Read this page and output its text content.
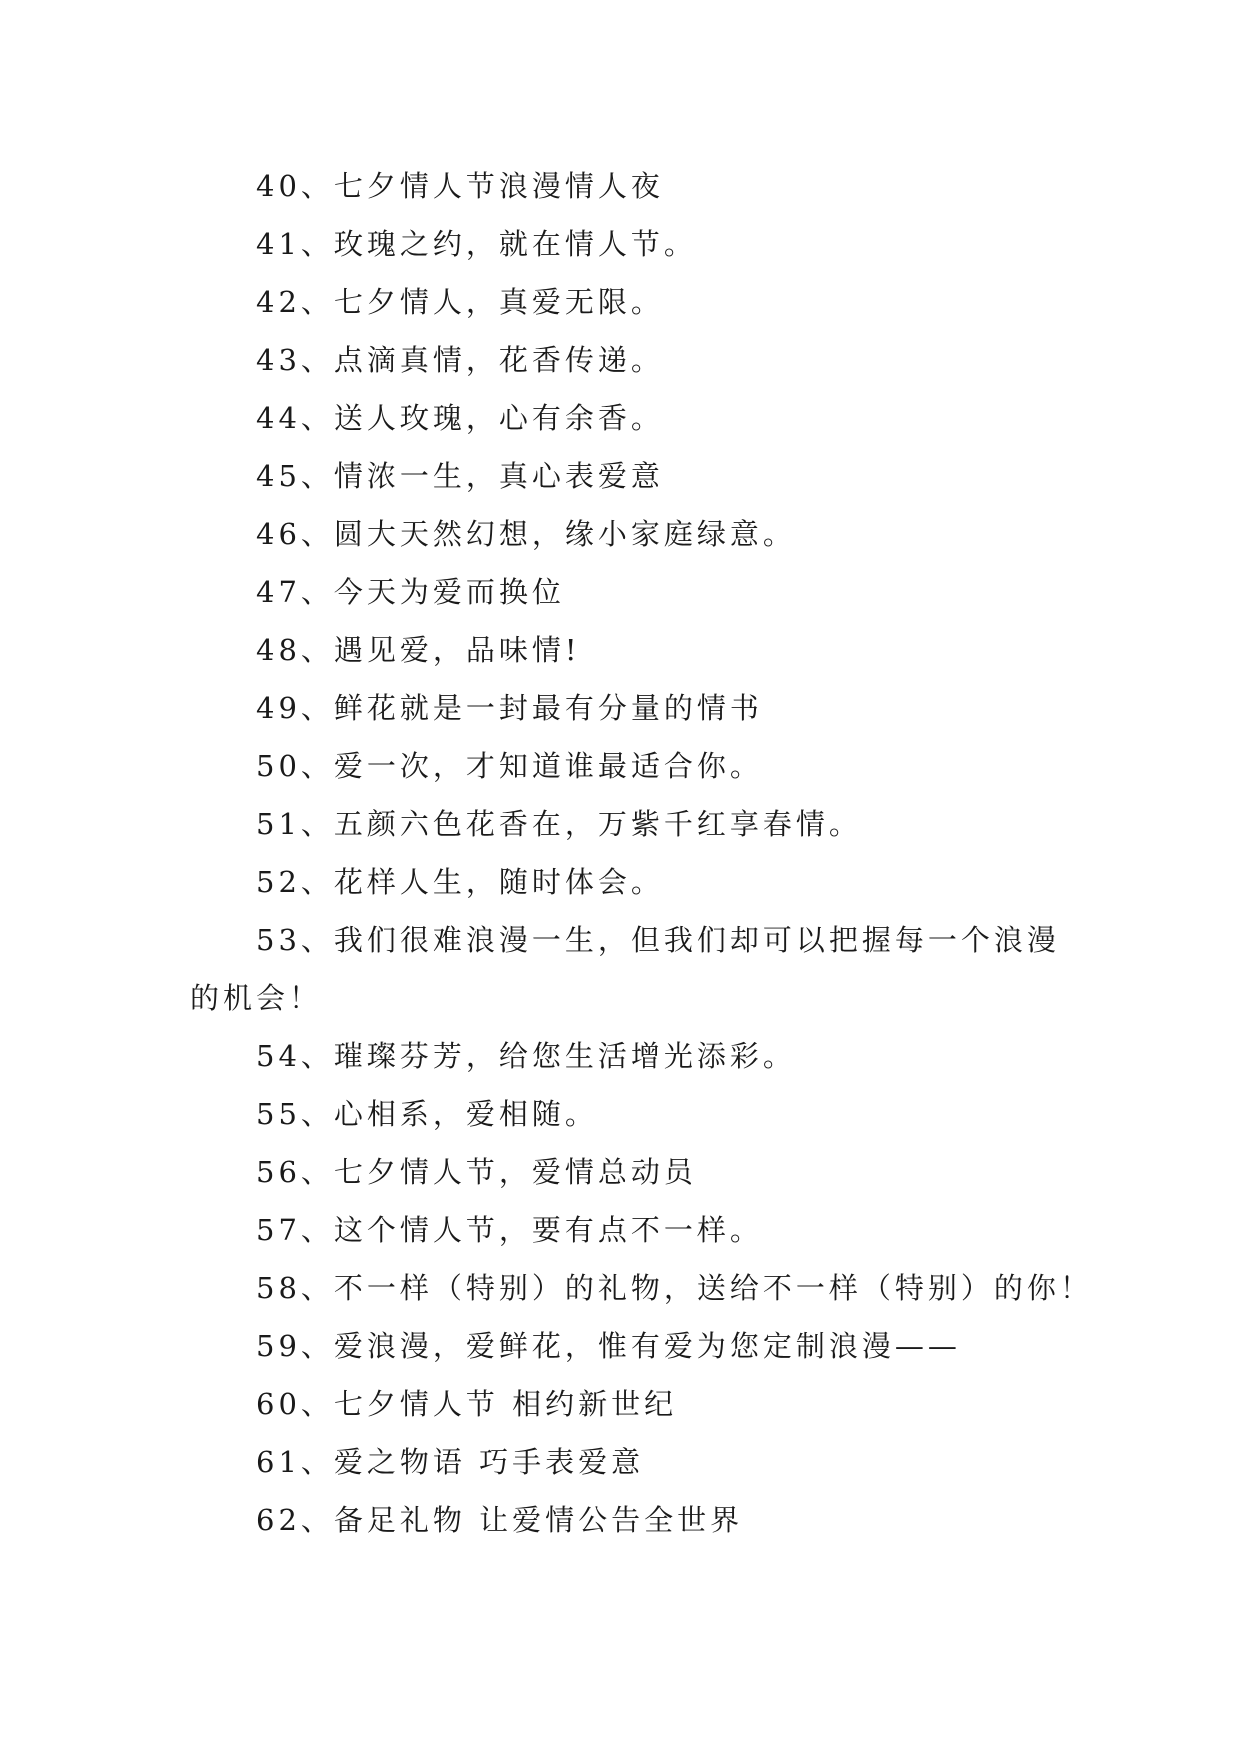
40、七夕情人节浪漫情人夜
41、玫瑰之约，就在情人节。
42、七夕情人，真爱无限。
43、点滴真情，花香传递。
44、送人玫瑰，心有余香。
45、情浓一生，真心表爱意
46、圆大天然幻想，缘小家庭绿意。
47、今天为爱而换位
48、遇见爱，品味情!
49、鲜花就是一封最有分量的情书
50、爱一次，才知道谁最适合你。
51、五颜六色花香在，万紫千红享春情。
52、花样人生，随时体会。
53、我们很难浪漫一生，但我们却可以把握每一个浪漫的机会！
54、璀璨芬芳，给您生活增光添彩。
55、心相系，爱相随。
56、七夕情人节，爱情总动员
57、这个情人节，要有点不一样。
58、不一样（特别）的礼物，送给不一样（特别）的你！
59、爱浪漫，爱鲜花，惟有爱为您定制浪漫——
60、七夕情人节 相约新世纪
61、爱之物语 巧手表爱意
62、备足礼物 让爱情公告全世界
